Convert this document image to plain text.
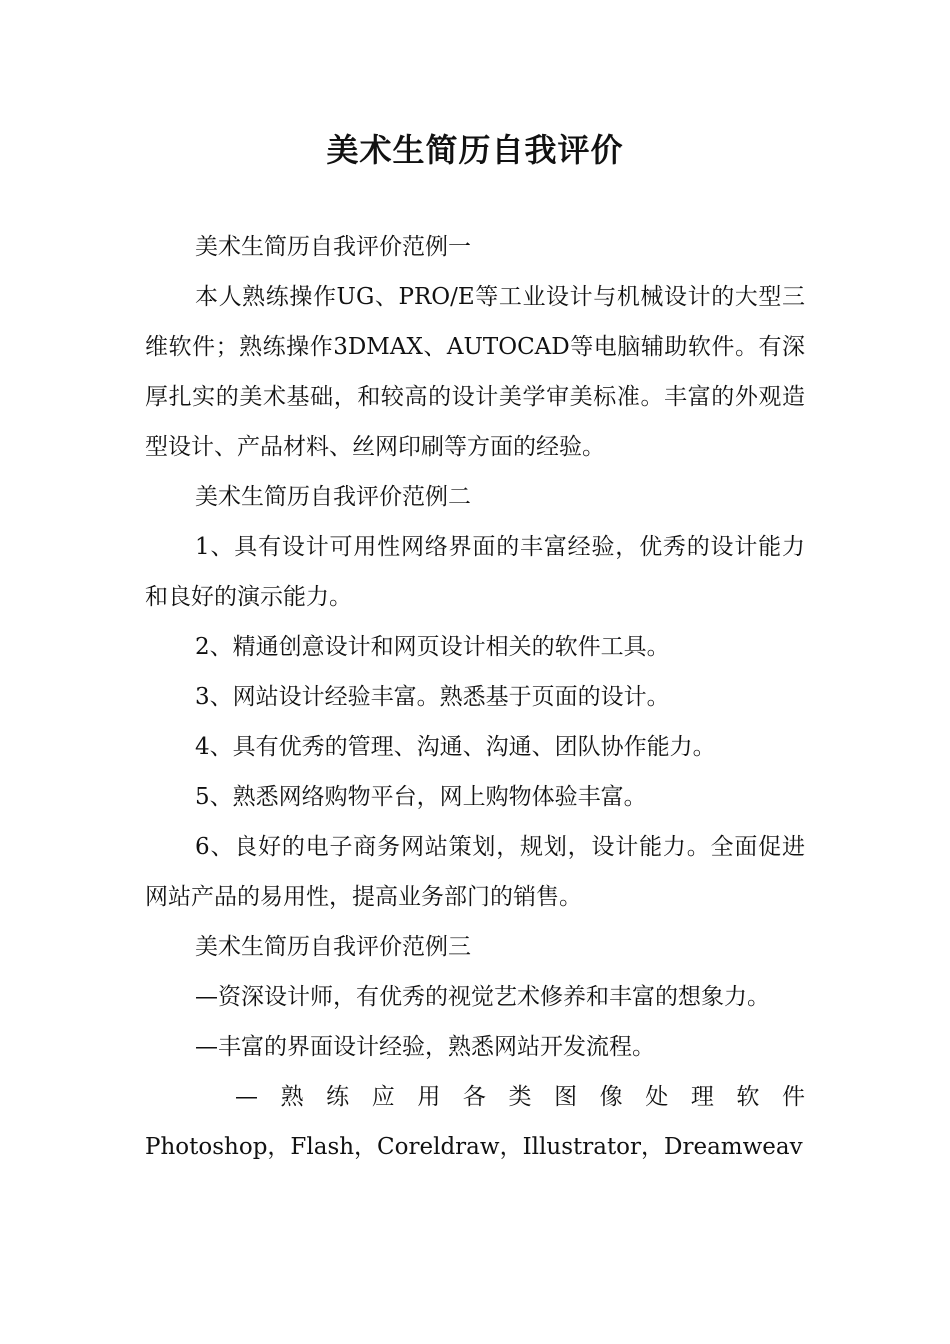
美术生简历自我评价

美术生简历自我评价范例一

本人熟练操作UG、PRO/E等工业设计与机械设计的大型三维软件；熟练操作3DMAX、AUTOCAD等电脑辅助软件。有深厚扎实的美术基础，和较高的设计美学审美标准。丰富的外观造型设计、产品材料、丝网印刷等方面的经验。

美术生简历自我评价范例二

1、具有设计可用性网络界面的丰富经验，优秀的设计能力和良好的演示能力。

2、精通创意设计和网页设计相关的软件工具。

3、网站设计经验丰富。熟悉基于页面的设计。

4、具有优秀的管理、沟通、沟通、团队协作能力。

5、熟悉网络购物平台，网上购物体验丰富。

6、良好的电子商务网站策划，规划，设计能力。全面促进网站产品的易用性，提高业务部门的销售。

美术生简历自我评价范例三

—资深设计师，有优秀的视觉艺术修养和丰富的想象力。

—丰富的界面设计经验，熟悉网站开发流程。

—熟练应用各类图像处理软件

Photoshop，Flash，Coreldraw，Illustrator，Dreamweav
